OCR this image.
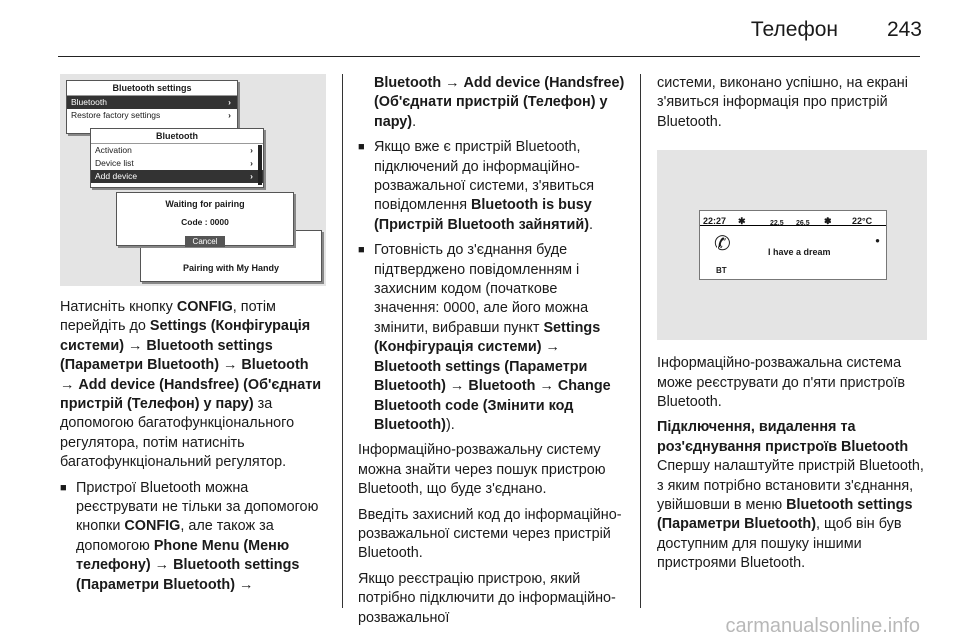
Телефон 243
Bluetooth settings
Bluetooth	›
Restore factory settings	›
Bluetooth
Activation	›
Device list	›
Add device	›
Pairing with My Handy
Waiting for pairing
Code : 0000
Cancel

Натисніть кнопку CONFIG, потім перейдіть до Settings (Конфігурація системи) → Bluetooth settings (Параметри Bluetooth) → Bluetooth → Add device (Handsfree) (Об'єднати пристрій (Телефон) у пару) за допомогою багатофункціонального регулятора, потім натисніть багатофункціональний регулятор.

■ Пристрої Bluetooth можна реєструвати не тільки за допомогою кнопки CONFIG, але також за допомогою Phone Menu (Меню телефону) → Bluetooth settings (Параметри Bluetooth) →

Bluetooth → Add device (Handsfree) (Об'єднати пристрій (Телефон) у пару).

■ Якщо вже є пристрій Bluetooth, підключений до інформаційно-розважальної системи, з'явиться повідомлення Bluetooth is busy (Пристрій Bluetooth зайнятий).
■ Готовність до з'єднання буде підтверджено повідомленням і захисним кодом (початкове значення: 0000, але його можна змінити, вибравши пункт Settings (Конфігурація системи) → Bluetooth settings (Параметри Bluetooth) → Bluetooth → Change Bluetooth code (Змінити код Bluetooth)).

Інформаційно-розважальну систему можна знайти через пошук пристрою Bluetooth, що буде з'єднано.

Введіть захисний код до інформаційно-розважальної системи через пристрій Bluetooth.

Якщо реєстрацію пристрою, який потрібно підключити до інформаційно-розважальної

системи, виконано успішно, на екрані з'явиться інформація про пристрій Bluetooth.

22:27 ✱	22.5 26.5 ✽ 22°C
✆
BT
I have a dream
●

Інформаційно-розважальна система може реєструвати до п'яти пристроїв Bluetooth.

Підключення, видалення та роз'єднування пристроїв Bluetooth

Спершу налаштуйте пристрій Bluetooth, з яким потрібно встановити з'єднання, увійшовши в меню Bluetooth settings (Параметри Bluetooth), щоб він був доступним для пошуку іншими пристроями Bluetooth.

carmanualsonline.info
